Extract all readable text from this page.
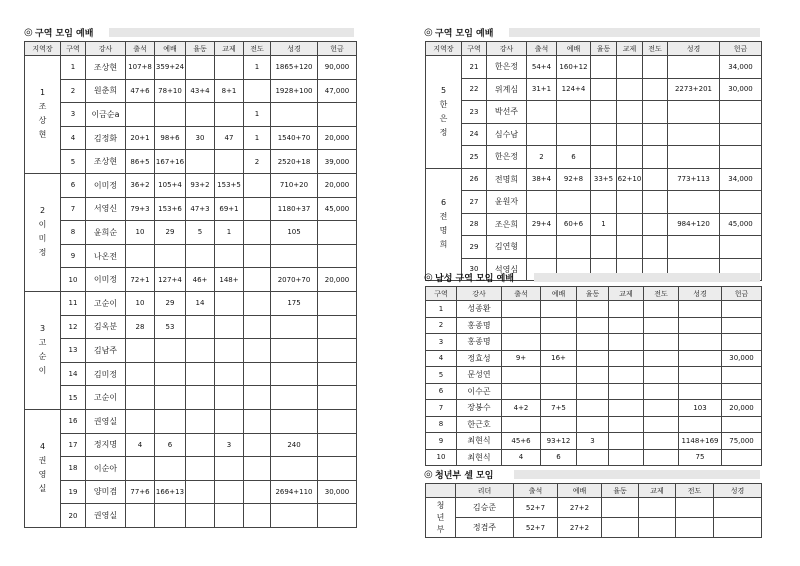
◎ 구역 모임 예배
지역장	구역	강사	출석	예배	율동	교제	전도	성경	헌금

1
조
상
현	1	조상현	107+8	359+24			1	1865+120	90,000
	2	원춘희	47+6	78+10	43+4	8+1		1928+100	47,000
	3	이금순a					1		
	4	김정화	20+1	98+6	30	47	1	1540+70	20,000
	5	조상현	86+5	167+16			2	2520+18	39,000

2
이
미
정	6	이미정	36+2	105+4	93+2	153+5		710+20	20,000
	7	서영신	79+3	153+6	47+3	69+1		1180+37	45,000
	8	윤희순	10	29	5	1		105	
	9	나온전							
	10	이미정	72+1	127+4	46+	148+		2070+70	20,000

3
고
순
이	11	고순이	10	29	14			175	
	12	김옥분	28	53					
	13	김남주							
	14	김미정							
	15	고순이							

4
권
영
실	16	권영실							
	17	정지명	4	6		3		240	
	18	이순아							
	19	양미겸	77+6	166+13				2694+110	30,000
	20	권영실							
◎ 구역 모임 예배
지역장	구역	강사	출석	예배	율동	교제	전도	성경	헌금

5
한
은
정	21	한은정	54+4	160+12					34,000
	22	위계심	31+1	124+4				2273+201	30,000
	23	박선주							
	24	심수남							
	25	한은정	2	6					

6
전
명
희	26	전명희	38+4	92+8	33+5	62+10		773+113	34,000
	27	윤원자							
	28	조은희	29+4	60+6	1			984+120	45,000
	29	김연형							
	30	석영심							
◎ 남성 구역 모임 예배
구역	강사	출석	예배	율동	교제	전도	성경	헌금
1	성종환							
2	홍종명							
3	홍종명							
4	정효성	9+	16+					30,000
5	문성연							
6	이수곤							
7	장봉수	4+2	7+5				103	20,000
8	한근호							
9	최현식	45+6	93+12	3			1148+169	75,000
10	최현식	4	6				75	
◎ 청년부 셀 모임
	리더	출석	예배	율동	교제	전도	성경

청
년
부	김승준	52+7	27+2				
	정겸주	52+7	27+2				
